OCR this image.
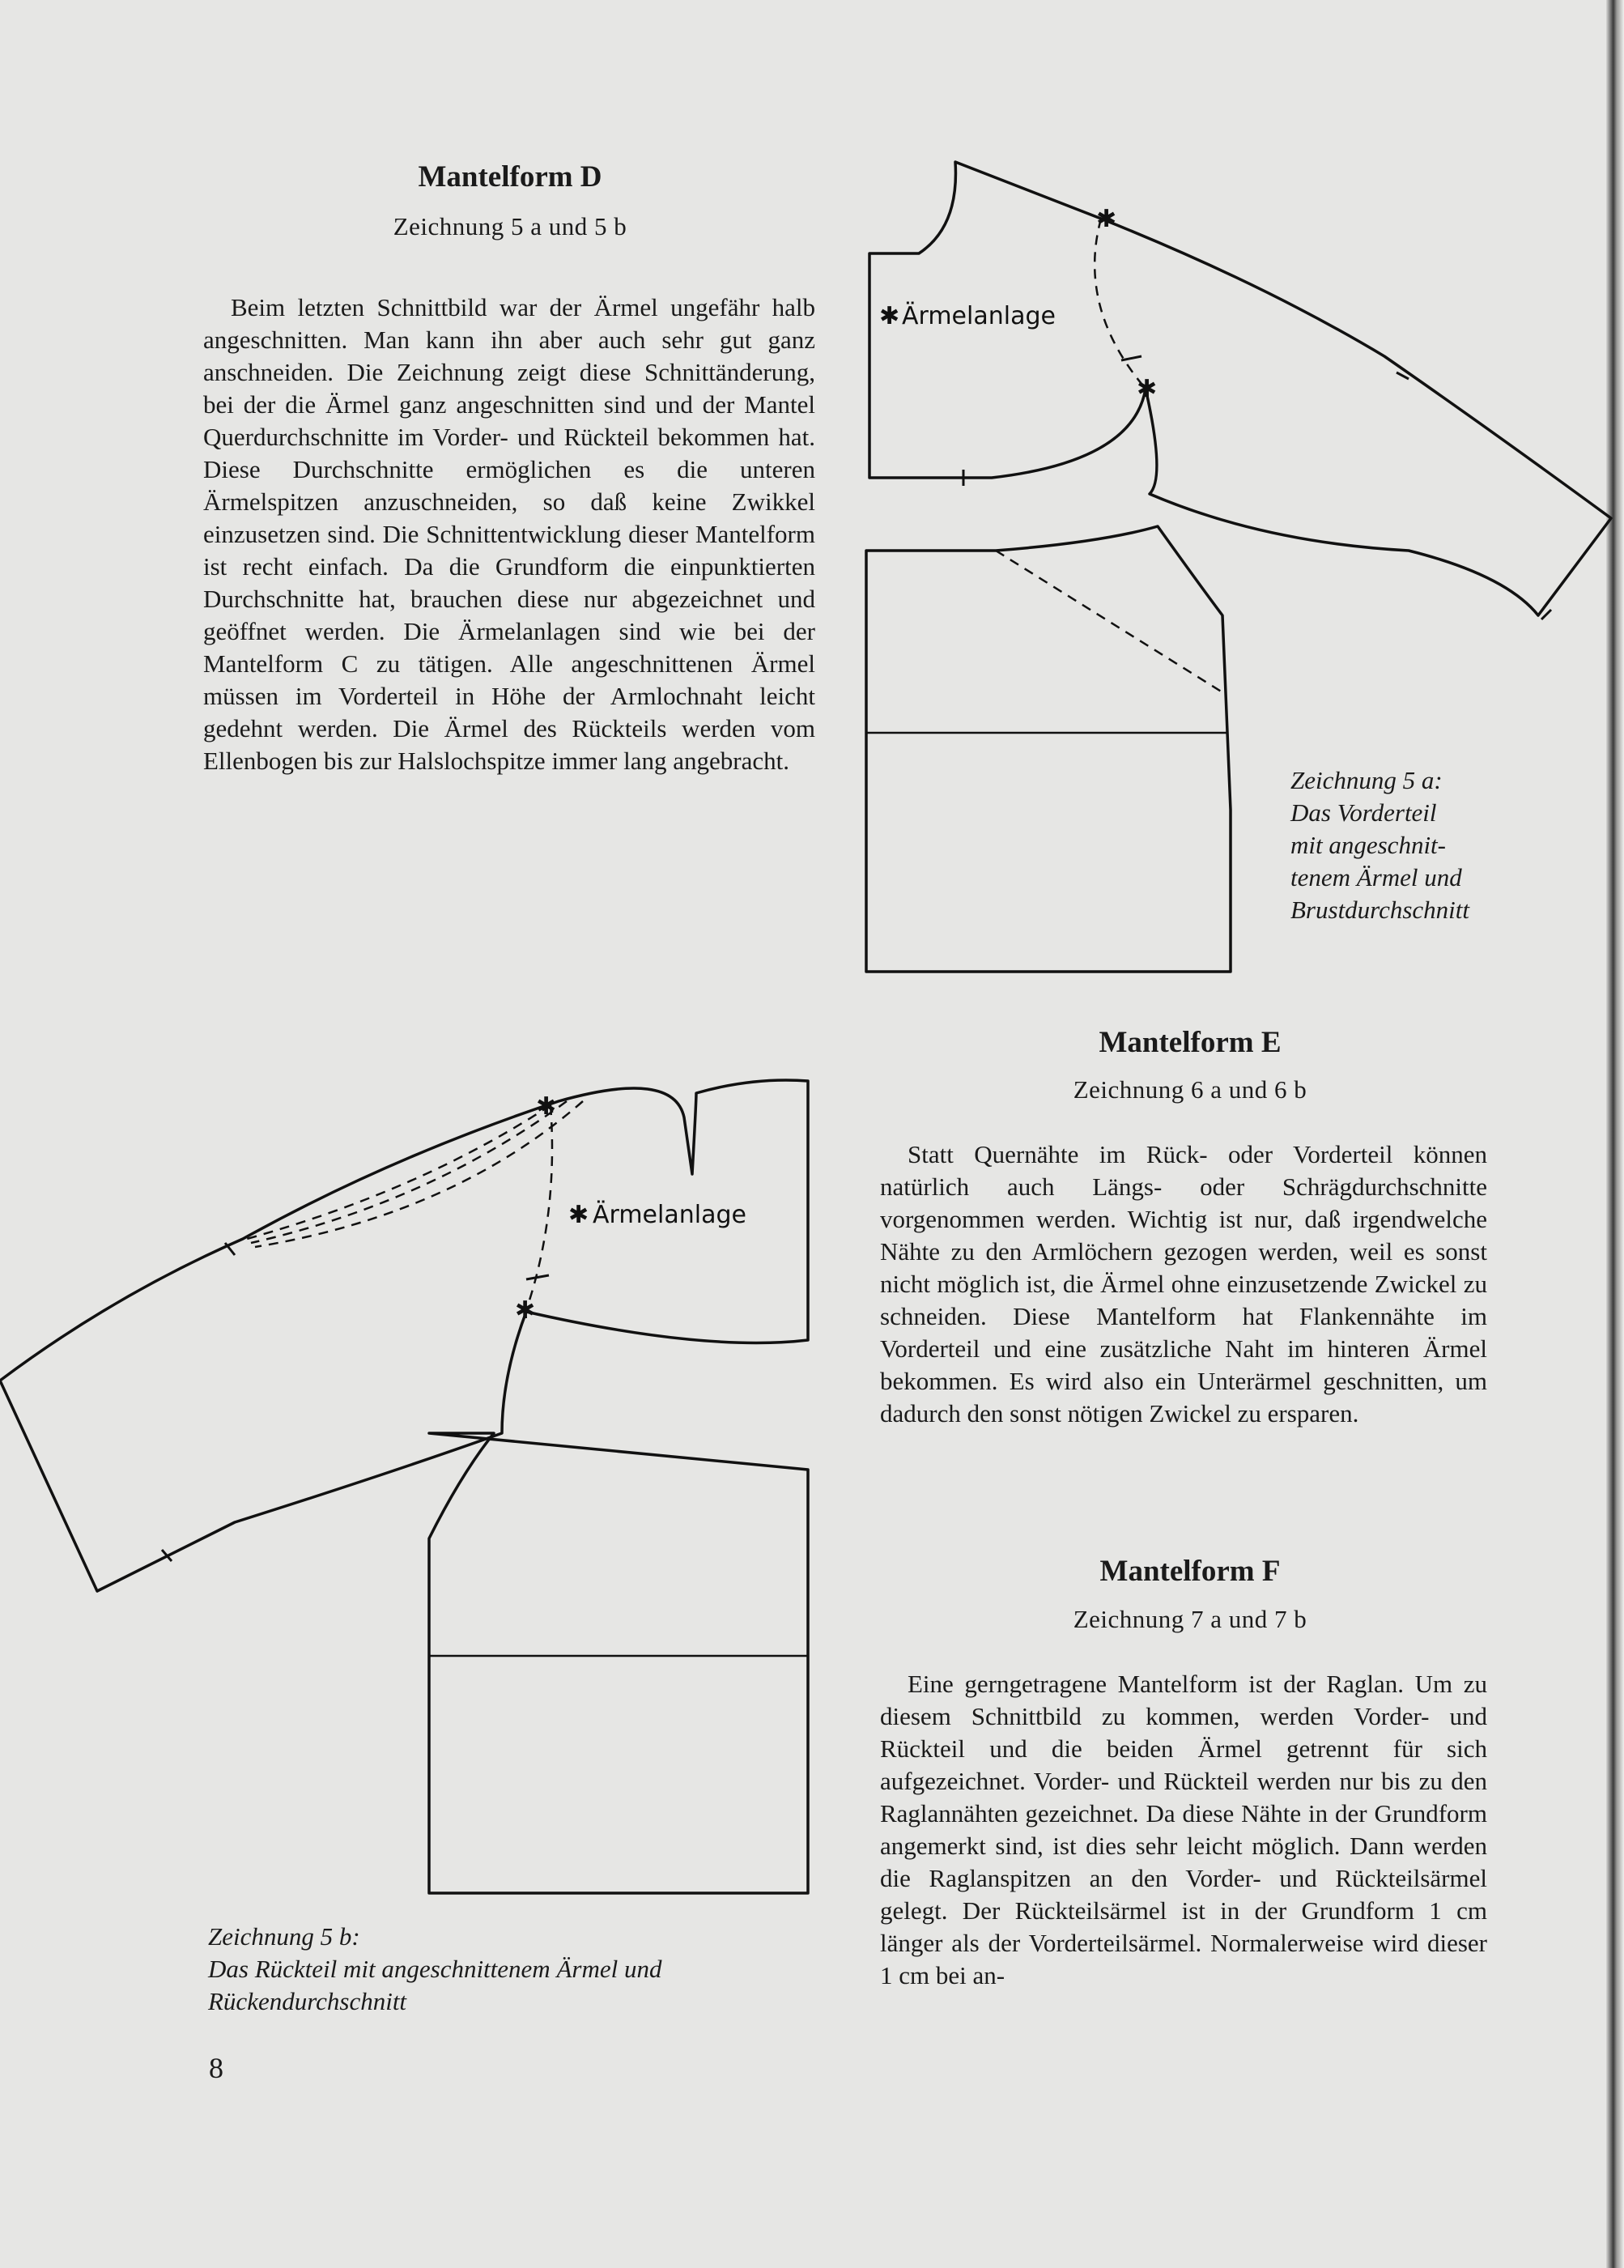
Mantelform D
Zeichnung 5 a und 5 b

Beim letzten Schnittbild war der Ärmel ungefähr halb angeschnitten. Man kann ihn aber auch sehr gut ganz anschneiden. Die Zeichnung zeigt diese Schnittänderung, bei der die Ärmel ganz angeschnitten sind und der Mantel Querdurchschnitte im Vorder- und Rückteil bekommen hat. Diese Durchschnitte ermöglichen es die unteren Ärmelspitzen anzuschneiden, so daß keine Zwikkel einzusetzen sind. Die Schnittentwicklung dieser Mantelform ist recht einfach. Da die Grundform die einpunktierten Durchschnitte hat, brauchen diese nur abgezeichnet und geöffnet werden. Die Ärmelanlagen sind wie bei der Mantelform C zu tätigen. Alle angeschnittenen Ärmel müssen im Vorderteil in Höhe der Armlochnaht leicht gedehnt werden. Die Ärmel des Rückteils werden vom Ellenbogen bis zur Halslochspitze immer lang angebracht.

✱
✱
✱ Ärmelanlage
Zeichnung 5 a:
Das Vorderteil
mit angeschnit-
tenem Ärmel und
Brustdurchschnitt
Mantelform E
Zeichnung 6 a und 6 b

Statt Quernähte im Rück- oder Vorderteil können natürlich auch Längs- oder Schrägdurchschnitte vorgenommen werden. Wichtig ist nur, daß irgendwelche Nähte zu den Armlöchern gezogen werden, weil es sonst nicht möglich ist, die Ärmel ohne einzusetzende Zwickel zu schneiden. Diese Mantelform hat Flankennähte im Vorderteil und eine zusätzliche Naht im hinteren Ärmel bekommen. Es wird also ein Unterärmel geschnitten, um dadurch den sonst nötigen Zwickel zu ersparen.

✱
✱
✱ Ärmelanlage
Zeichnung 5 b:
Das Rückteil mit angeschnittenem Ärmel und
Rückendurchschnitt
Mantelform F
Zeichnung 7 a und 7 b

Eine gerngetragene Mantelform ist der Raglan. Um zu diesem Schnittbild zu kommen, werden Vorder- und Rückteil und die beiden Ärmel getrennt für sich aufgezeichnet. Vorder- und Rückteil werden nur bis zu den Raglannähten gezeichnet. Da diese Nähte in der Grundform angemerkt sind, ist dies sehr leicht möglich. Dann werden die Raglanspitzen an den Vorder- und Rückteilsärmel gelegt. Der Rückteilsärmel ist in der Grundform 1 cm länger als der Vorderteilsärmel. Normalerweise wird dieser 1 cm bei an-

8
